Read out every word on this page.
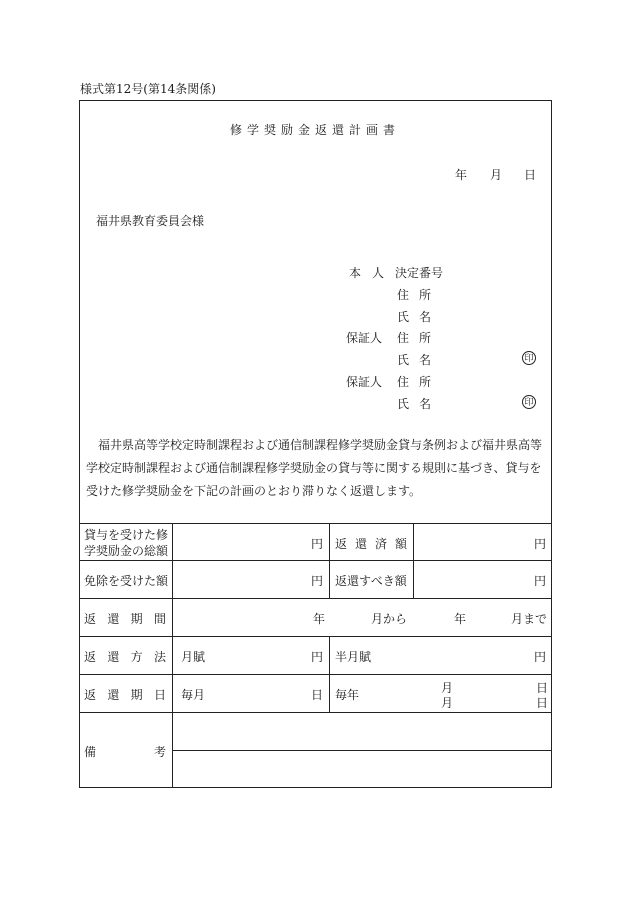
様式第12号(第14条関係)
修学奨励金返還計画書
年 月 日
福井県教育委員会様
本 人 決定番号
住 所
氏 名
保証人 住 所
氏 名	印
保証人 住 所
氏 名	印
福井県高等学校定時制課程および通信制課程修学奨励金貸与条例および福井県高等学校定時制課程および通信制課程修学奨励金の貸与等に関する規則に基づき、貸与を受けた修学奨励金を下記の計画のとおり滞りなく返還します。
貸与を受けた修
学奨励金の総額	円 返 還 済 額	円
免除を受けた額	円 返還すべき額	円
返 還 期 間	年	月から	年	月まで
返 還 方 法 月賦	円 半月賦	円
返 還 期 日 毎月	日 毎年	月	日
月	日
備	考
